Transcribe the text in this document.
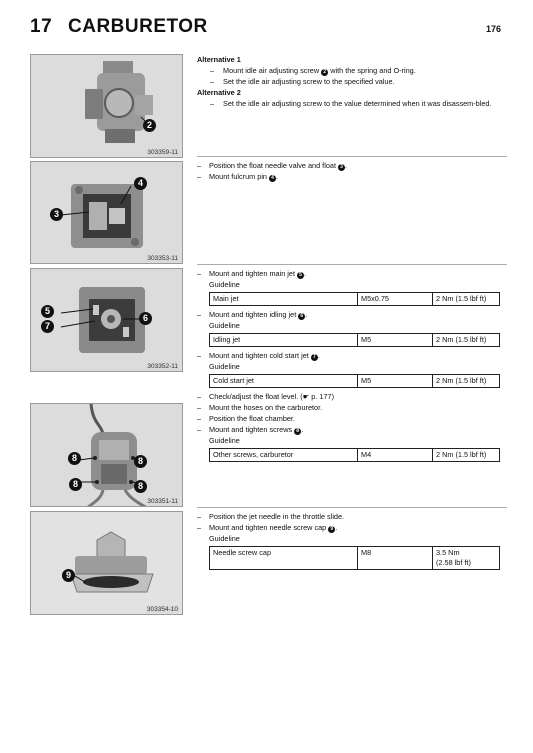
17 CARBURETOR	176
2
303359-11
4
3
303353-11
5
7
6
303352-11
8	8
8	8
303351-11
9
303354-10

Alternative 1

– Mount idle air adjusting screw 2 with the spring and O-ring.

– Set the idle air adjusting screw to the specified value.

Alternative 2

– Set the idle air adjusting screw to the value determined when it was disassem-bled.

– Position the float needle valve and float 3 .

– Mount fulcrum pin 4 .

– Mount and tighten main jet 5 .

Guideline

Main jet	M5x0.75	2 Nm (1.5 lbf ft)

– Mount and tighten idling jet 6 .

Guideline

Idling jet	M5	2 Nm (1.5 lbf ft)

– Mount and tighten cold start jet 7 .

Guideline

Cold start jet	M5	2 Nm (1.5 lbf ft)

– Check/adjust the float level. (☛ p. 177)

– Mount the hoses on the carburetor.

– Position the float chamber.

– Mount and tighten screws 8 .

Guideline

Other screws, carburetor	M4	2 Nm (1.5 lbf ft)

– Position the jet needle in the throttle slide.

– Mount and tighten needle screw cap 9 .

Guideline

Needle screw cap	M8	3.5 Nm
(2.58 lbf ft)
